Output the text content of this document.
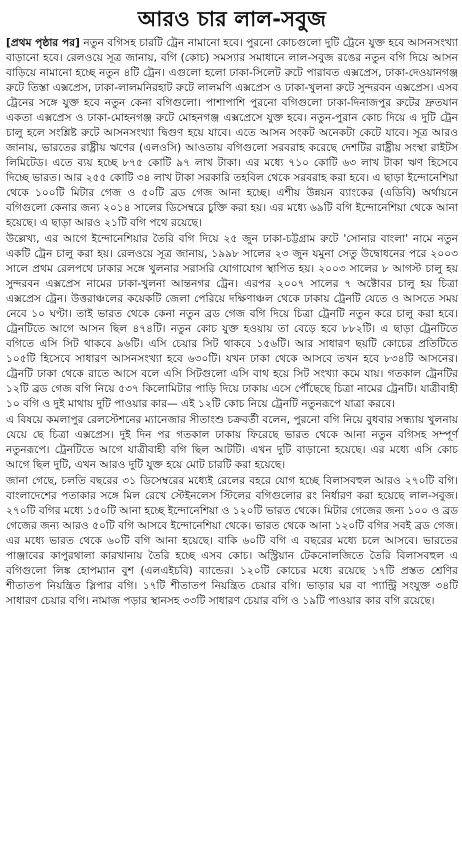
আরও চার লাল-সবুজ

[প্রথম পৃষ্ঠার পর] নতুন বগিসহ চারটি ট্রেন নামানো হবে। পুরনো কোচগুলো দুটি ট্রেনে যুক্ত হবে আসনসংখ্যা বাড়ানো হবে। রেলওয়ে সূত্র জানায়, বগি (কোচ) সমস্যার সমাধানে লাল-সবুজ রঙের নতুন বগি দিয়ে আসন বাড়িয়ে নামানো হচ্ছে নতুন ৪টি ট্রেন। এগুলো হলো ঢাকা-সিলেট রুটে পারাবত এক্সপ্রেস, ঢাকা-দেওয়ানগঞ্জ রুটে তিস্তা এক্সপ্রেস, ঢাকা-লালমনিরহাট রুটে লালমণি এক্সপ্রেস ও ঢাকা-খুলনা রুটে সুন্দরবন এক্সপ্রেস। এসব ট্রেনের সঙ্গে যুক্ত হবে নতুন কেনা বগিগুলো। পাশাপাশি পুরনো বগিগুলো ঢাকা-দিনাজপুর রুটের দ্রুতযান একতা এক্সপ্রেস ও ঢাকা-মোহনগঞ্জ রুটে মোহনগঞ্জ এক্সপ্রেসে যুক্ত হবে। নতুন-পুরান কোচ দিয়ে এ দুটি ট্রেন চালু হলে সংশ্লিষ্ট রুটে আসনসংখ্যা দ্বিগুণ হয়ে যাবে। এতে আসন সংকট অনেকটা কেটে যাবে। সূত্র আরও জানায়, ভারতের রাষ্ট্রীয় ঋণের (এলওসি) আওতায় বগিগুলো সরবরাহ করেছে দেশটির রাষ্ট্রীয় সংস্থা রাইটস লিমিটেড। এতে ব্যয় হচ্ছে ৮৭৫ কোটি ৯৭ লাখ টাকা। এর মধ্যে ৭১০ কোটি ৬৩ লাখ টাকা ঋণ হিসেবে দিচ্ছে ভারত। আর ২৫৫ কোটি ৩৪ লাখ টাকা সরকারি তহবিল থেকে সরবরাহ করা হবে। এ ছাড়া ইন্দোনেশিয়া থেকে ১০০টি মিটার গেজ ও ৫০টি ব্রড গেজ আনা হচ্ছে। এশীয় উন্নয়ন ব্যাংকের (এডিবি) অর্থায়নে বগিগুলো কেনার জন্য ২০১৪ সালের ডিসেম্বরে চুক্তি করা হয়। এর মধ্যে ৬৯টি বগি ইন্দোনেশিয়া থেকে আনা হয়েছে। এ ছাড়া আরও ২১টি বগি পথে রয়েছে।

উল্লেখ্য, এর আগে ইন্দোনেশিয়ার তৈরি বগি দিয়ে ২৫ জুন ঢাকা-চট্টগ্রাম রুটে 'সোনার বাংলা' নামে নতুন একটি ট্রেন চালু করা হয়। রেলওয়ে সূত্র জানায়, ১৯৯৮ সালের ২৩ জুন যমুনা সেতু উদ্বোধনের পরে ২০০৩ সালে প্রথম রেলপথে ঢাকার সঙ্গে খুলনার সরাসরি যোগাযোগ স্থাপিত হয়। ২০০৩ সালের ৮ আগস্ট চালু হয় সুন্দরবন এক্সপ্রেস নামের ঢাকা-খুলনা আন্তনগর ট্রেন। এরপর ২০০৭ সালের ৭ অক্টোবর চালু হয় চিত্রা এক্সপ্রেস ট্রেন। উত্তরাঞ্চলের কয়েকটি জেলা পেরিয়ে দক্ষিণাঞ্চল থেকে ঢাকায় ট্রেনটি যেতে ও আসতে সময় নেবে ১০ ঘণ্টা। তাই ভারত থেকে কেনা নতুন ব্রড গেজ বগি দিয়ে চিত্রা ট্রেনটি নতুন করে চালু করা হবে। ট্রেনটিতে আগে আসন ছিল ৪৭৪টি। নতুন কোচ যুক্ত হওয়ায় তা বেড়ে হবে ৮৮২টি। এ ছাড়া ট্রেনটিতে বগিতে এসি সিট থাকবে ৯৬টি। এসি চেয়ার সিট থাকবে ১৫৬টি। আর সাধারণ ছয়টি কোচের প্রতিটিতে ১০৫টি হিসেবে সাধারণ আসনসংখ্যা হবে ৬৩০টি। যখন ঢাকা থেকে আসবে তখন হবে ৮৩৪টি আসনের। ট্রেনটি ঢাকা থেকে রাতে আসে বলে এসি সিটগুলো এসি বাথ হয়ে সিট সংখ্যা কমে যায়। গতকাল ট্রেনটির ১২টি ব্রড গেজ বগি নিয়ে ৫৩৭ কিলোমিটার পাড়ি দিয়ে ঢাকায় এসে পৌঁছেছে চিত্রা নামের ট্রেনটি। যাত্রীবাহী ১০ বগি ও দুই মাথায় দুটি পাওয়ার কার— এই ১২টি কোচ নিয়ে ট্রেনটি নতুনরূপে যাত্রা করবে।

এ বিষয়ে কমলাপুর রেলস্টেশনের ম্যানেজার সীতাংশু চক্রবর্তী বলেন, পুরনো বগি নিয়ে বুধবার সন্ধ্যায় খুলনায় যেয়ে ছে চিত্রা এক্সপ্রেস। দুই দিন পর গতকাল ঢাকায় ফিরেছে ভারত থেকে আনা নতুন বগিসহ সম্পূর্ণ নতুনরূপে। ট্রেনটিতে আগে যাত্রীবাহী বগি ছিল আটটি। এখন দুটি বাড়ানো হয়েছে। এর মধ্যে এসি কোচ আগে ছিল দুটি, এখন আরও দুটি যুক্ত হয়ে মোট চারটি করা হয়েছে।

জানা গেছে, চলতি বছরের ৩১ ডিসেম্বরের মধ্যেই রেলের বহরে যোগ হচ্ছে বিলাসবহুল আরও ২৭০টি বগি। বাংলাদেশের পতাকার সঙ্গে মিল রেখে স্টেইনলেস স্টিলের বগিগুলোর রং নির্ধারণ করা হয়েছে লাল-সবুজ। ২৭০টি বগির মধ্যে ১৫০টি আনা হচ্ছে ইন্দোনেশিয়া ও ১২০টি ভারত থেকে। মিটার গেজের জন্য ১০০ ও ব্রড গেজের জন্য আরও ৫০টি বগি আসবে ইন্দোনেশিয়া থেকে। ভারত থেকে আনা ১২০টি বগির সবই ব্রড গেজ। এর মধ্যে ভারত থেকে ৬০টি বগি আনা হয়েছে। বাকি ৬০টি বগি এ বছরের মধ্যে চলে আসবে। ভারতের পাঞ্জাবের কাপুরথালা কারখানায় তৈরি হচ্ছে এসব কোচ। অস্ট্রিয়ান টেকনোলজিতে তৈরি বিলাসবহুল এ বগিগুলো লিঙ্ক হোপম্যান বুশ (এলএইচবি) ব্যান্ডের। ১২০টি কোচের মধ্যে রয়েছে ১৭টি প্রস্তত শ্রেণির শীতাতপ নিয়ন্ত্রিত স্লিপার বগি। ১৭টি শীতাতপ নিয়ন্ত্রিত চেয়ার বগি। ভাড়ার ঘর বা প্যান্ট্রি সংযুক্ত ৩৪টি সাধারণ চেয়ার বগি। নামাজ পড়ার স্থানসহ ৩৩টি সাধারণ চেয়ার বগি ও ১৯টি পাওয়ার কার বগি রয়েছে।
